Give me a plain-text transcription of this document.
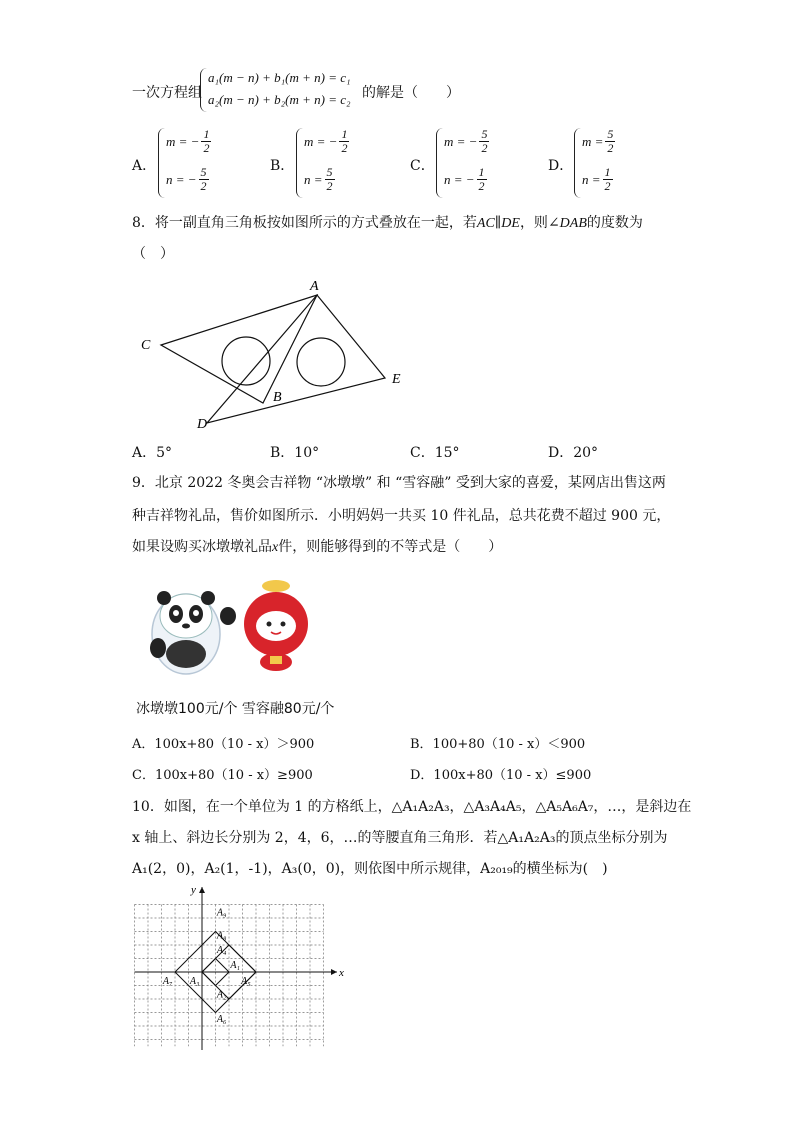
一次方程组
a₁(m − n) + b₁(m + n) = c₁
a₂(m − n) + b₂(m + n) = c₂ 的解是（　　）
A．
m = − $\frac{1}{2}$
n = − $\frac{5}{2}$	B．
m = − $\frac{1}{2}$
$n = \frac{5}{2}$	C．
m = − $\frac{5}{2}$
n = − $\frac{1}{2}$	D．
$m = \frac{5}{2}$
$n = \frac{1}{2}$
8．将一副直角三角板按如图所示的方式叠放在一起，若AC∥DE，则∠DAB的度数为
（　）
A
B
C
D
E
A．5°	B．10°	C．15°	D．20°
9．北京 2022 冬奥会吉祥物 “冰墩墩” 和 “雪容融” 受到大家的喜爱，某网店出售这两
种吉祥物礼品，售价如图所示．小明妈妈一共买 10 件礼品，总共花费不超过 900 元，
如果设购买冰墩墩礼品x件，则能够得到的不等式是（　　）
冰墩墩100元/个 雪容融80元/个
A．100x+80（10 - x）＞900	B．100+80（10 - x）＜900
C．100x+80（10 - x）≥900	D．100x+80（10 - x）≤900
10．如图，在一个单位为 1 的方格纸上，△A₁A₂A₃，△A₃A₄A₅，△A₅A₆A₇，…，是斜边在
x 轴上、斜边长分别为 2，4，6，…的等腰直角三角形．若△A₁A₂A₃的顶点坐标分别为
A₁(2，0)，A₂(1，-1)，A₃(0，0)，则依图中所示规律，A₂₀₁₉的横坐标为(　)
A₁
A₂
A₃
A₄
A₅
A₆
A₇
A₈
A₉
x
y
